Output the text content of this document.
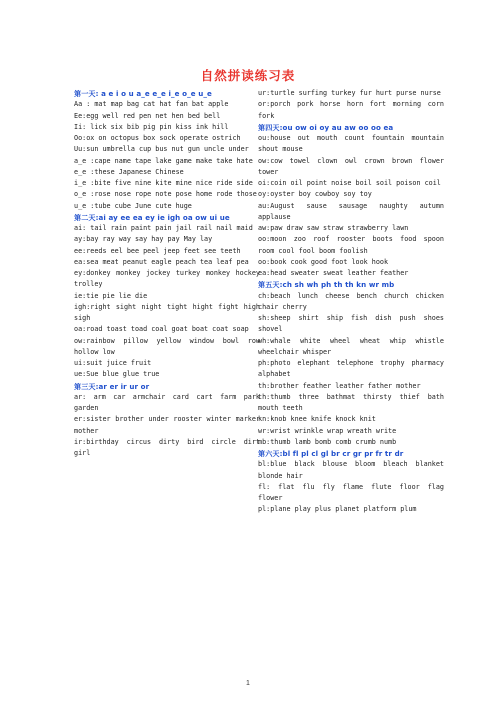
自然拼读练习表
第一天: a e i o u a_e e_e i_e o_e u_e
Aa : mat map bag cat hat fan bat apple
Ee:egg well red pen net hen bed bell
Ii: lick six bib pig pin kiss ink hill
Oo:ox on octopus box sock operate ostrich
Uu:sun umbrella cup bus nut gun uncle under
a_e :cape name tape lake game make take hate
e_e :these Japanese Chinese
i_e :bite five nine kite mine nice ride side
o_e :rose nose rope note pose home rode those
u_e :tube cube June cute huge
第二天:ai ay ee ea ey ie igh oa ow ui ue
ai: tail rain paint pain jail rail nail maid
ay:bay ray way say hay pay May lay
ee:reeds eel bee peel jeep feet see teeth
ea:sea meat peanut eagle peach tea leaf pea
ey:donkey monkey jockey turkey monkey hockey trolley
ie:tie pie lie die
igh:right sight night tight hight fight high sigh
oa:road toast toad coal goat boat coat soap
ow:rainbow pillow yellow window bowl row hollow low
ui:suit juice fruit
ue:Sue blue glue true
第三天:ar er ir ur or
ar: arm car armchair card cart farm park garden
er:sister brother under rooster winter marker mother
ir:birthday circus dirty bird circle dirt girl
ur:turtle surfing turkey fur hurt purse nurse
or:porch pork horse horn fort morning corn fork
第四天:ou ow oi oy au aw oo oo ea
ou:house out mouth count fountain mountain shout mouse
ow:cow towel clown owl crown brown flower tower
oi:coin oil point noise boil soil poison coil
oy:oyster boy cowboy soy toy
au:August sause sausage naughty autumn applause
aw:paw draw saw straw strawberry lawn
oo:moon zoo roof rooster boots food spoon room cool fool boom foolish
oo:book cook good foot look hook
ea:head sweater sweat leather feather
第五天:ch sh wh ph th th kn wr mb
ch:beach lunch cheese bench church chicken chair cherry
sh:sheep shirt ship fish dish push shoes shovel
wh:whale white wheel wheat whip whistle wheelchair whisper
ph:photo elephant telephone trophy pharmacy alphabet
th:brother feather leather father mother
th:thumb three bathmat thirsty thief bath mouth teeth
kn:knob knee knife knock knit
wr:wrist wrinkle wrap wreath write
mb:thumb lamb bomb comb crumb numb
第六天:bl fl pl cl gl br cr gr pr fr tr dr
bl:blue black blouse bloom bleach blanket blonde hair
fl: flat flu fly flame flute floor flag flower
pl:plane play plus planet platform plum
1
